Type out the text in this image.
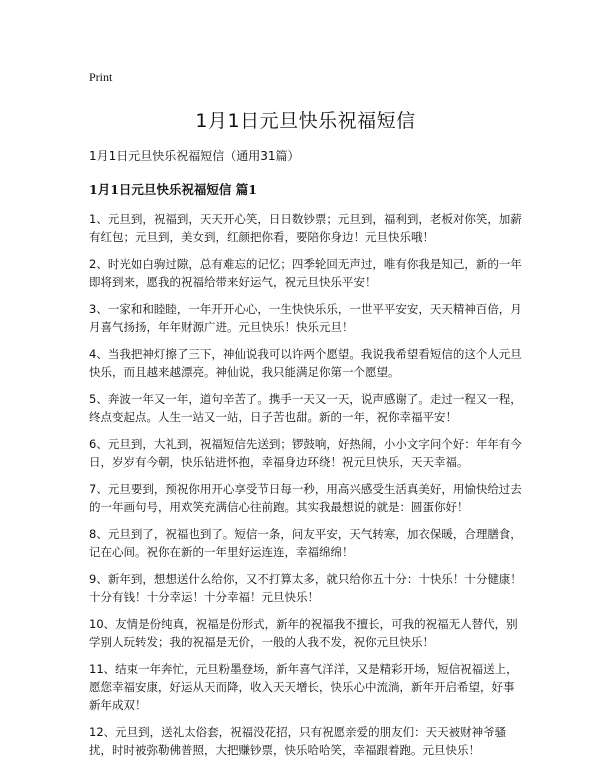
Print
1月1日元旦快乐祝福短信
1月1日元旦快乐祝福短信（通用31篇）
1月1日元旦快乐祝福短信 篇1

1、元旦到，祝福到，天天开心笑，日日数钞票；元旦到，福利到，老板对你笑，加薪有红包；元旦到，美女到，红颜把你看，要陪你身边！元旦快乐哦！

2、时光如白驹过隙，总有难忘的记忆；四季轮回无声过，唯有你我是知己，新的一年即将到来，愿我的祝福给带来好运气，祝元旦快乐平安！

3、一家和和睦睦，一年开开心心，一生快快乐乐，一世平平安安，天天精神百倍，月月喜气扬扬，年年财源广进。元旦快乐！快乐元旦！

4、当我把神灯擦了三下，神仙说我可以许两个愿望。我说我希望看短信的这个人元旦快乐，而且越来越漂亮。神仙说，我只能满足你第一个愿望。

5、奔波一年又一年，道句辛苦了。携手一天又一天，说声感谢了。走过一程又一程，终点变起点。人生一站又一站，日子苦也甜。新的一年，祝你幸福平安！

6、元旦到，大礼到，祝福短信先送到；锣鼓响，好热闹，小小文字问个好：年年有今日，岁岁有今朝，快乐钻进怀抱，幸福身边环绕！祝元旦快乐，天天幸福。

7、元旦要到，预祝你用开心享受节日每一秒，用高兴感受生活真美好，用愉快给过去的一年画句号，用欢笑充满信心往前跑。其实我最想说的就是：圆蛋你好！

8、元旦到了，祝福也到了。短信一条，问友平安，天气转寒，加衣保暖，合理膳食，记在心间。祝你在新的一年里好运连连，幸福绵绵！

9、新年到，想想送什么给你，又不打算太多，就只给你五十分：十快乐！十分健康！十分有钱！十分幸运！十分幸福！元旦快乐！

10、友情是份纯真，祝福是份形式，新年的祝福我不擅长，可我的祝福无人替代，别学别人玩转发；我的祝福是无价，一般的人我不发，祝你元旦快乐！

11、结束一年奔忙，元旦粉墨登场，新年喜气洋洋，又是精彩开场，短信祝福送上，愿您幸福安康，好运从天而降，收入天天增长，快乐心中流淌，新年开启希望，好事新年成双！

12、元旦到，送礼太俗套，祝福没花招，只有祝愿亲爱的朋友们：天天被财神爷骚扰，时时被弥勒佛普照，大把赚钞票，快乐哈哈笑，幸福跟着跑。元旦快乐！
